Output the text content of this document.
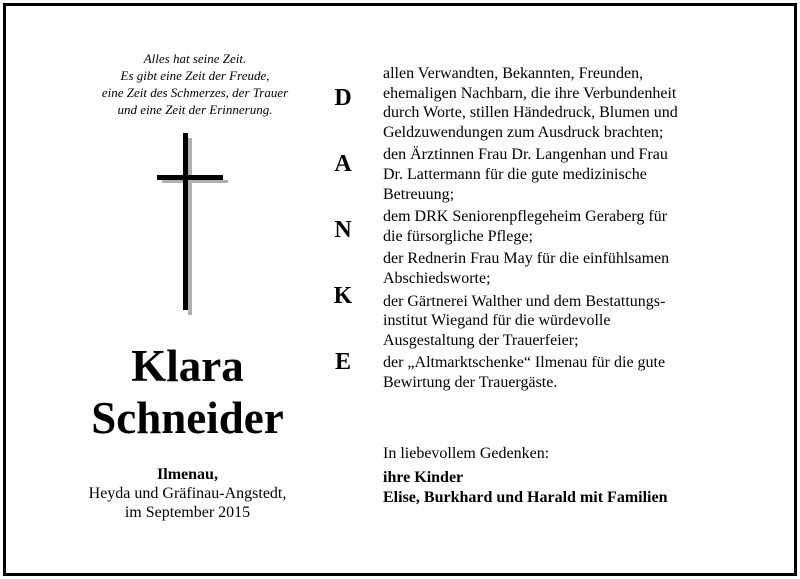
Alles hat seine Zeit.
Es gibt eine Zeit der Freude,
eine Zeit des Schmerzes, der Trauer
und eine Zeit der Erinnerung.
Klara
Schneider
Ilmenau,
Heyda und Gräfinau-Angstedt,
im September 2015
D
A
N
K
E
allen Verwandten, Bekannten, Freunden,
ehemaligen Nachbarn, die ihre Verbundenheit
durch Worte, stillen Händedruck, Blumen und
Geldzuwendungen zum Ausdruck brachten;
den Ärztinnen Frau Dr. Langenhan und Frau
Dr. Lattermann für die gute medizinische
Betreuung;
dem DRK Seniorenpflegeheim Geraberg für
die fürsorgliche Pflege;
der Rednerin Frau May für die einfühlsamen
Abschiedsworte;
der Gärtnerei Walther und dem Bestattungs-
institut Wiegand für die würdevolle
Ausgestaltung der Trauerfeier;
der „Altmarktschenke“ Ilmenau für die gute
Bewirtung der Trauergäste.
In liebevollem Gedenken:
ihre Kinder
Elise, Burkhard und Harald mit Familien
